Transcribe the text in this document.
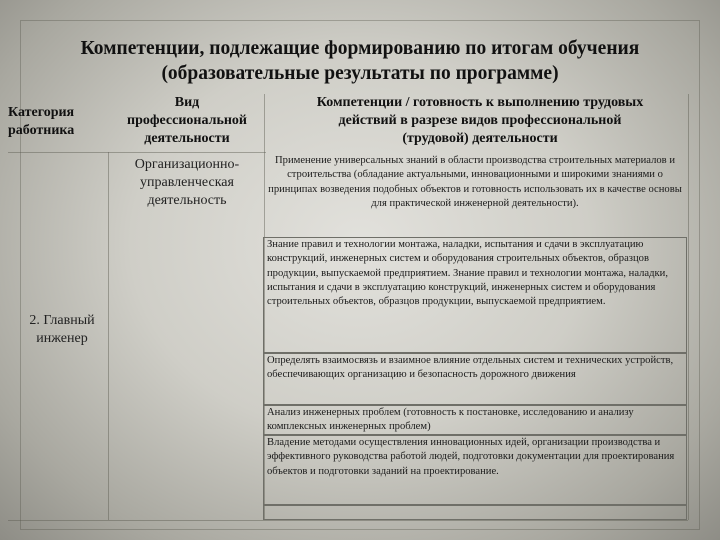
Компетенции, подлежащие формированию по итогам обучения
(образовательные результаты по программе)
Категория
работника
Вид
профессиональной
деятельности
Компетенции / готовность к выполнению трудовых
действий в разрезе видов профессиональной
(трудовой) деятельности
Организационно-
управленческая
деятельность
2. Главный инженер
Применение универсальных знаний в области производства строительных материалов и строительства (обладание актуальными, инновационными и широкими знаниями о принципах возведения подобных объектов и готовность использовать их в качестве основы для практической инженерной деятельности).
Знание правил и технологии монтажа, наладки, испытания и сдачи в эксплуатацию конструкций, инженерных систем и оборудования строительных объектов, образцов продукции, выпускаемой предприятием. Знание правил и технологии монтажа, наладки, испытания и сдачи в эксплуатацию конструкций, инженерных систем и оборудования строительных объектов, образцов продукции, выпускаемой предприятием.
Определять взаимосвязь и взаимное влияние отдельных систем и технических устройств, обеспечивающих организацию и безопасность дорожного движения
Анализ инженерных проблем (готовность к постановке, исследованию и анализу комплексных инженерных проблем)
Владение методами осуществления инновационных идей, организации производства и эффективного руководства работой людей, подготовки документации для проектирования объектов и подготовки заданий на проектирование.
